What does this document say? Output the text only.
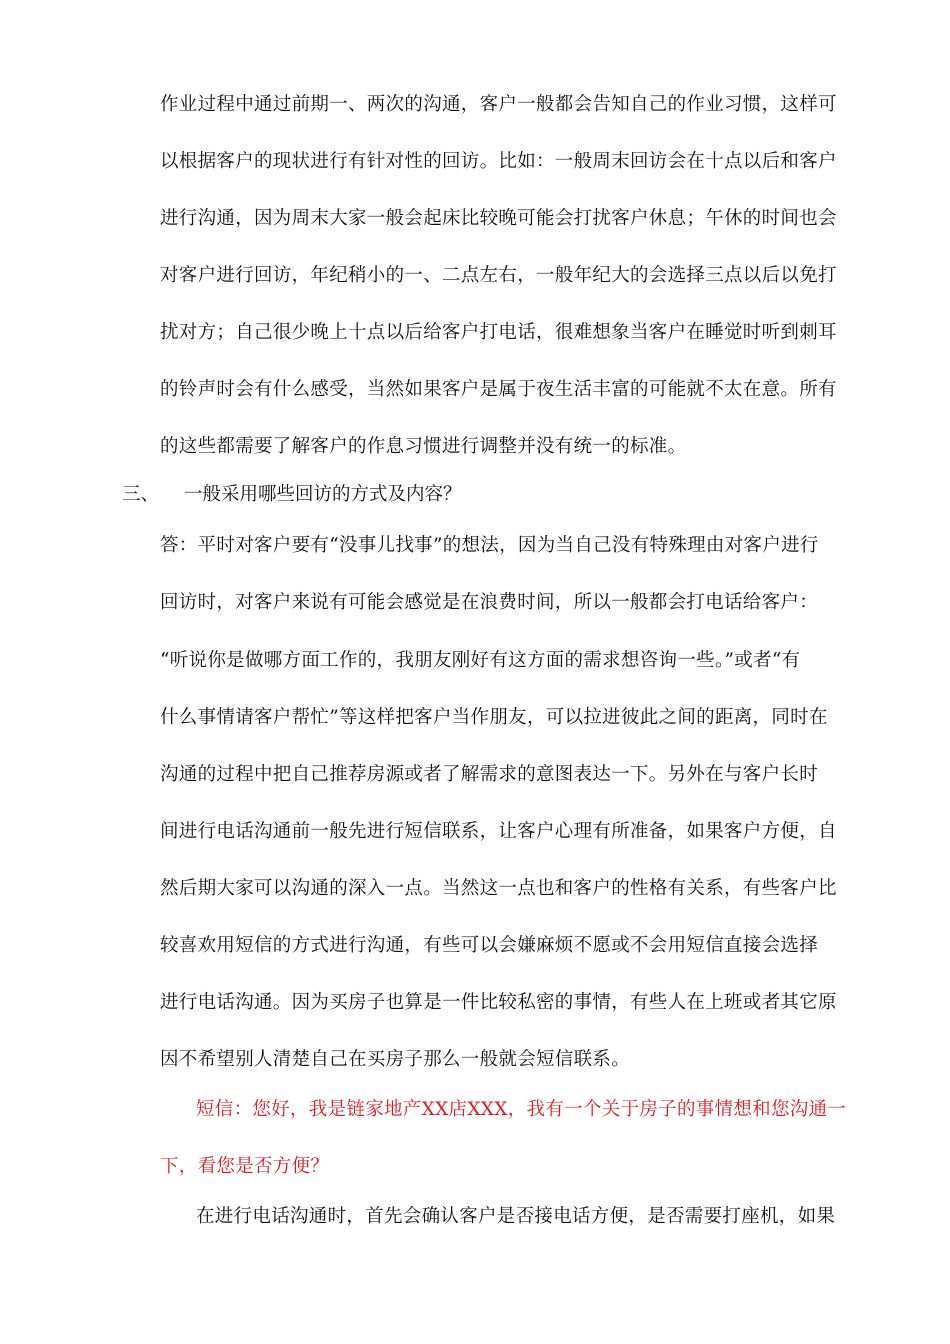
作业过程中通过前期一、两次的沟通，客户一般都会告知自己的作业习惯，这样可
以根据客户的现状进行有针对性的回访。比如：一般周末回访会在十点以后和客户
进行沟通，因为周末大家一般会起床比较晚可能会打扰客户休息；午休的时间也会
对客户进行回访，年纪稍小的一、二点左右，一般年纪大的会选择三点以后以免打
扰对方；自己很少晚上十点以后给客户打电话，很难想象当客户在睡觉时听到刺耳
的铃声时会有什么感受，当然如果客户是属于夜生活丰富的可能就不太在意。所有
的这些都需要了解客户的作息习惯进行调整并没有统一的标准。
三、 一般采用哪些回访的方式及内容？
答：平时对客户要有“没事儿找事”的想法，因为当自己没有特殊理由对客户进行
回访时，对客户来说有可能会感觉是在浪费时间，所以一般都会打电话给客户：
“听说你是做哪方面工作的，我朋友刚好有这方面的需求想咨询一些。”或者“有
什么事情请客户帮忙”等这样把客户当作朋友，可以拉进彼此之间的距离，同时在
沟通的过程中把自己推荐房源或者了解需求的意图表达一下。另外在与客户长时
间进行电话沟通前一般先进行短信联系，让客户心理有所准备，如果客户方便，自
然后期大家可以沟通的深入一点。当然这一点也和客户的性格有关系，有些客户比
较喜欢用短信的方式进行沟通，有些可以会嫌麻烦不愿或不会用短信直接会选择
进行电话沟通。因为买房子也算是一件比较私密的事情，有些人在上班或者其它原
因不希望别人清楚自己在买房子那么一般就会短信联系。
短信：您好，我是链家地产XX店XXX，我有一个关于房子的事情想和您沟通一
下，看您是否方便？
在进行电话沟通时，首先会确认客户是否接电话方便，是否需要打座机，如果
